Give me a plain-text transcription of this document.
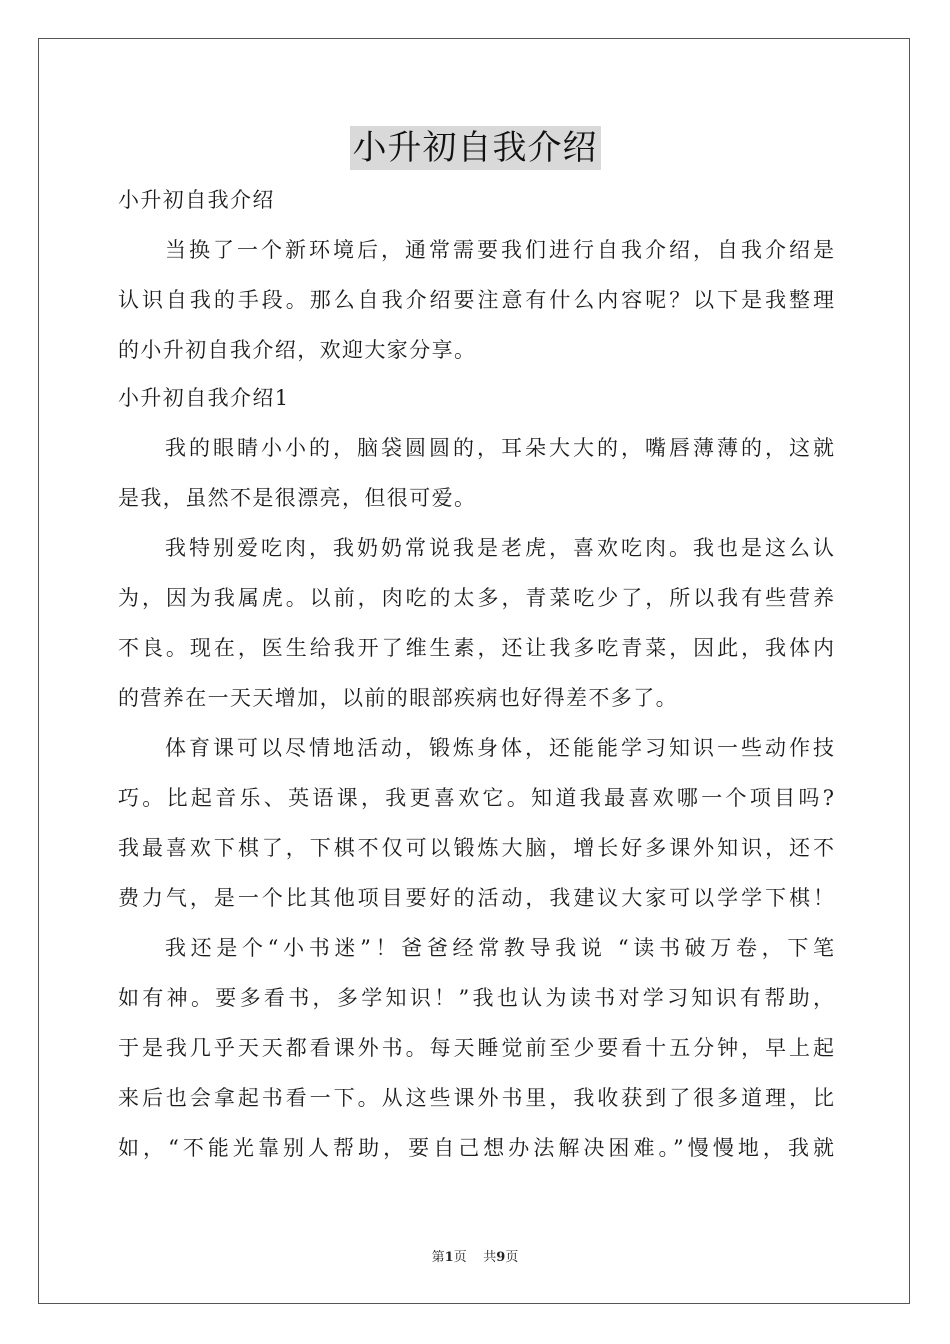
小升初自我介绍
小升初自我介绍
当换了一个新环境后，通常需要我们进行自我介绍，自我介绍是
认识自我的手段。那么自我介绍要注意有什么内容呢？以下是我整理
的小升初自我介绍，欢迎大家分享。
小升初自我介绍1
我的眼睛小小的，脑袋圆圆的，耳朵大大的，嘴唇薄薄的，这就
是我，虽然不是很漂亮，但很可爱。
我特别爱吃肉，我奶奶常说我是老虎，喜欢吃肉。我也是这么认
为，因为我属虎。以前，肉吃的太多，青菜吃少了，所以我有些营养
不良。现在，医生给我开了维生素，还让我多吃青菜，因此，我体内
的营养在一天天增加，以前的眼部疾病也好得差不多了。
体育课可以尽情地活动，锻炼身体，还能能学习知识一些动作技
巧。比起音乐、英语课，我更喜欢它。知道我最喜欢哪一个项目吗?
我最喜欢下棋了，下棋不仅可以锻炼大脑，增长好多课外知识，还不
费力气，是一个比其他项目要好的活动，我建议大家可以学学下棋！
我还是个“小书迷”！爸爸经常教导我说 “读书破万卷，下笔
如有神。要多看书，多学知识！”我也认为读书对学习知识有帮助，
于是我几乎天天都看课外书。每天睡觉前至少要看十五分钟，早上起
来后也会拿起书看一下。从这些课外书里，我收获到了很多道理，比
如，“不能光靠别人帮助，要自己想办法解决困难。”慢慢地，我就
第1页 共9页
